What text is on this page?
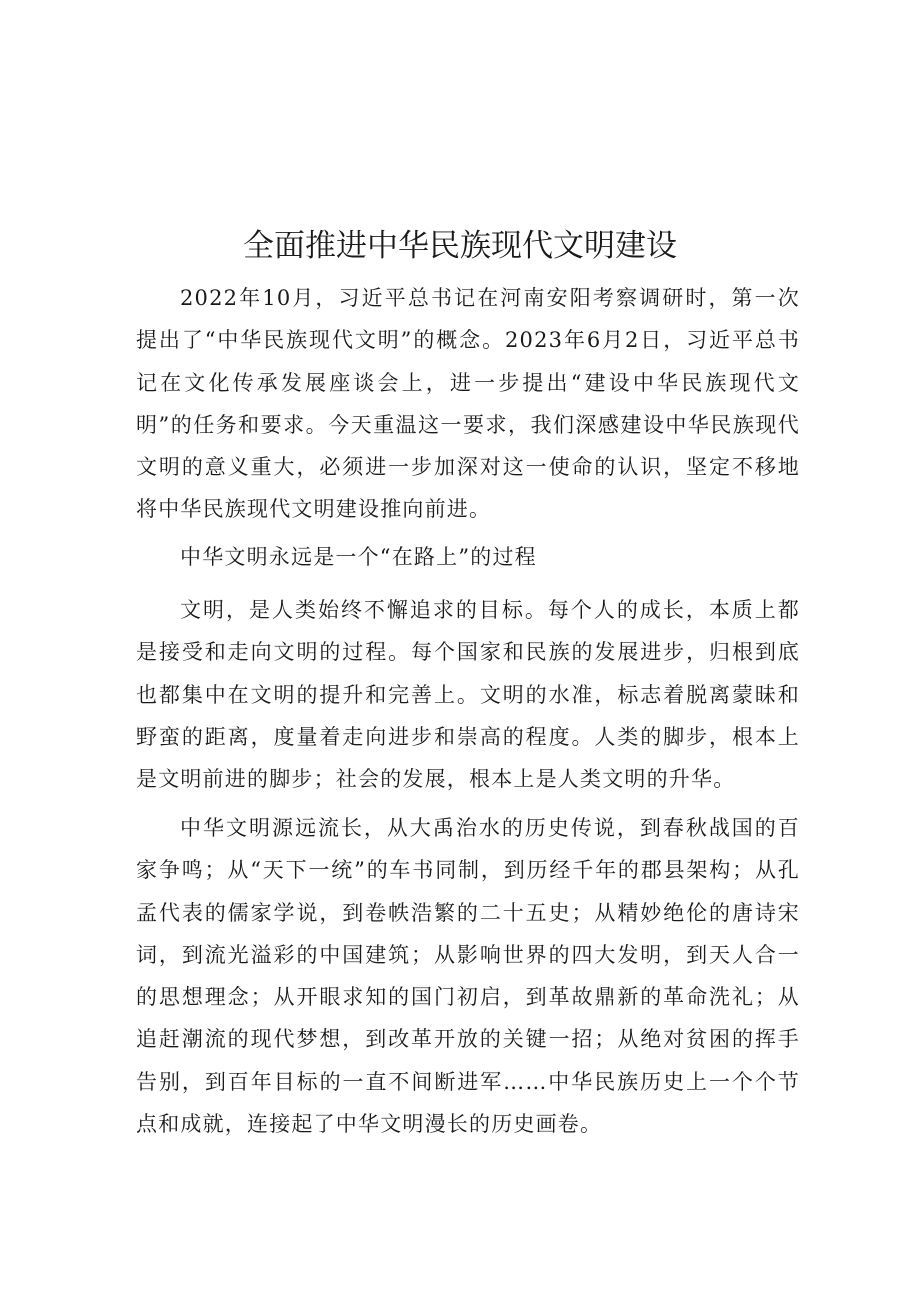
全面推进中华民族现代文明建设

2022年10月，习近平总书记在河南安阳考察调研时，第一次提出了“中华民族现代文明”的概念。2023年6月2日，习近平总书记在文化传承发展座谈会上，进一步提出“建设中华民族现代文明”的任务和要求。今天重温这一要求，我们深感建设中华民族现代文明的意义重大，必须进一步加深对这一使命的认识，坚定不移地将中华民族现代文明建设推向前进。

中华文明永远是一个“在路上”的过程

文明，是人类始终不懈追求的目标。每个人的成长，本质上都是接受和走向文明的过程。每个国家和民族的发展进步，归根到底也都集中在文明的提升和完善上。文明的水准，标志着脱离蒙昧和野蛮的距离，度量着走向进步和崇高的程度。人类的脚步，根本上是文明前进的脚步；社会的发展，根本上是人类文明的升华。

中华文明源远流长，从大禹治水的历史传说，到春秋战国的百家争鸣；从“天下一统”的车书同制，到历经千年的郡县架构；从孔孟代表的儒家学说，到卷帙浩繁的二十五史；从精妙绝伦的唐诗宋词，到流光溢彩的中国建筑；从影响世界的四大发明，到天人合一的思想理念；从开眼求知的国门初启，到革故鼎新的革命洗礼；从追赶潮流的现代梦想，到改革开放的关键一招；从绝对贫困的挥手告别，到百年目标的一直不间断进军……中华民族历史上一个个节点和成就，连接起了中华文明漫长的历史画卷。
